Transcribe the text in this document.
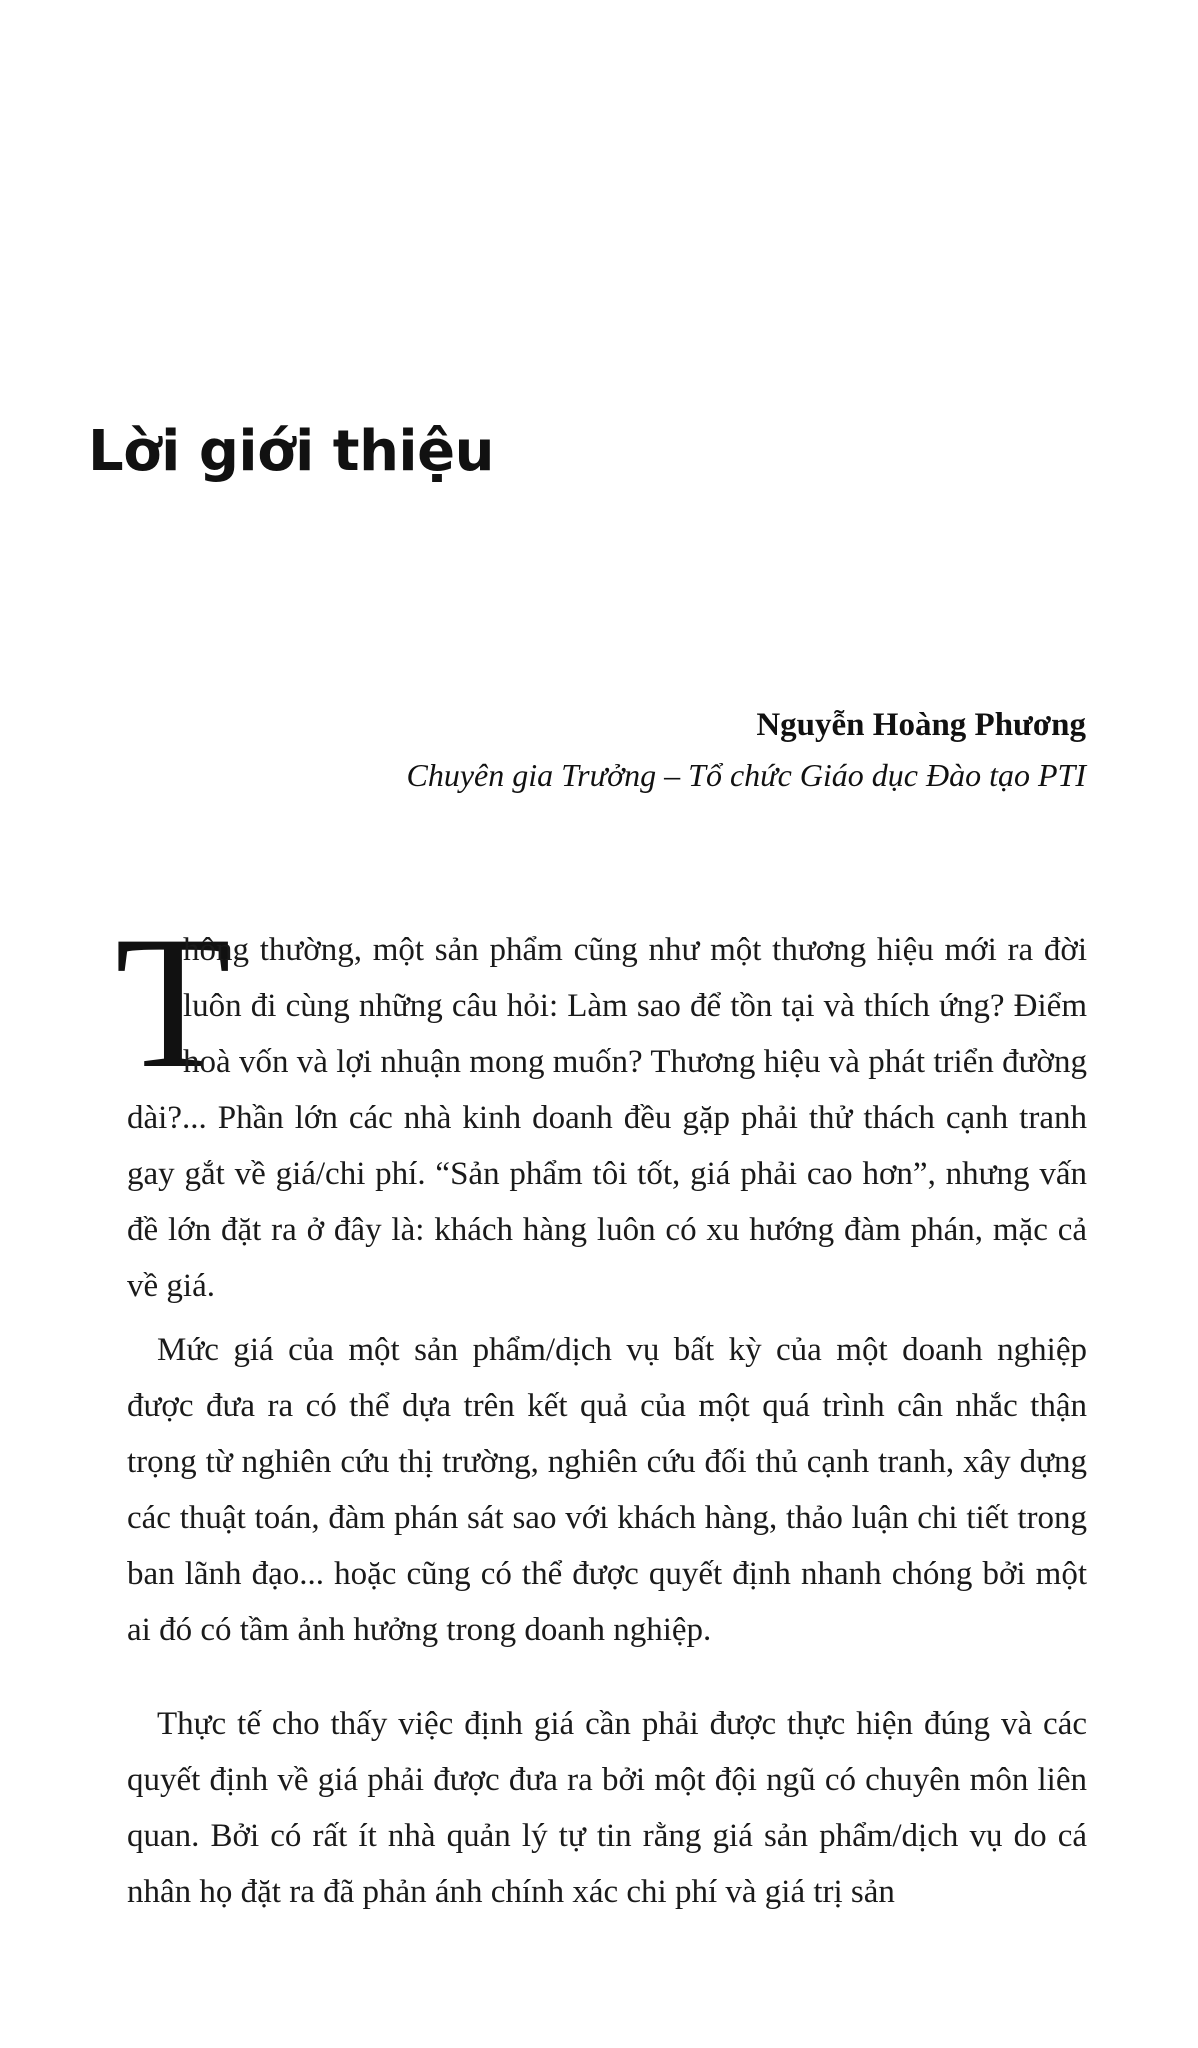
Lời giới thiệu

Nguyễn Hoàng Phương

Chuyên gia Trưởng – Tổ chức Giáo dục Đào tạo PTI

T
hông thường, một sản phẩm cũng như một thương hiệu mới ra đời luôn đi cùng những câu hỏi: Làm sao để tồn tại và thích ứng? Điểm hoà vốn và lợi nhuận mong muốn? Thương hiệu và phát triển đường dài?... Phần lớn các nhà kinh doanh đều gặp phải thử thách cạnh tranh gay gắt về giá/chi phí. “Sản phẩm tôi tốt, giá phải cao hơn”, nhưng vấn đề lớn đặt ra ở đây là: khách hàng luôn có xu hướng đàm phán, mặc cả về giá.

Mức giá của một sản phẩm/dịch vụ bất kỳ của một doanh nghiệp được đưa ra có thể dựa trên kết quả của một quá trình cân nhắc thận trọng từ nghiên cứu thị trường, nghiên cứu đối thủ cạnh tranh, xây dựng các thuật toán, đàm phán sát sao với khách hàng, thảo luận chi tiết trong ban lãnh đạo... hoặc cũng có thể được quyết định nhanh chóng bởi một ai đó có tầm ảnh hưởng trong doanh nghiệp.

Thực tế cho thấy việc định giá cần phải được thực hiện đúng và các quyết định về giá phải được đưa ra bởi một đội ngũ có chuyên môn liên quan. Bởi có rất ít nhà quản lý tự tin rằng giá sản phẩm/dịch vụ do cá nhân họ đặt ra đã phản ánh chính xác chi phí và giá trị sản
